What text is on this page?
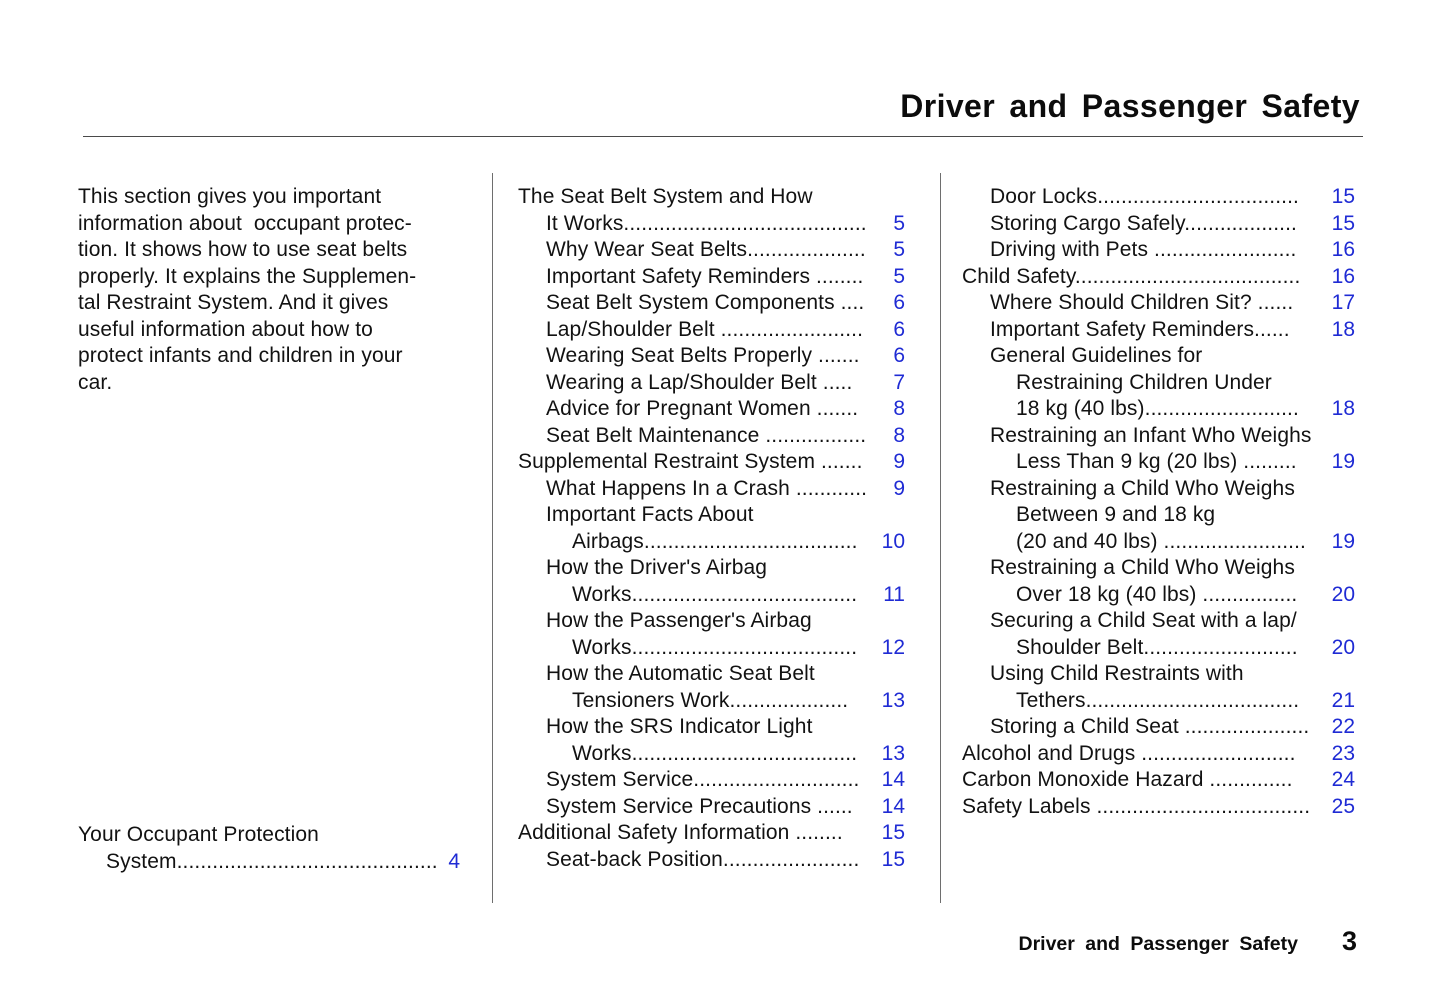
Driver and Passenger Safety

This section gives you important
information about  occupant protec-
tion. It shows how to use seat belts
properly. It explains the Supplemen-
tal Restraint System. And it gives
useful information about how to
protect infants and children in your
car.

Your Occupant Protection
System............................................ 4
The Seat Belt System and How
It Works......................................... 5
Why Wear Seat Belts.................... 5
Important Safety Reminders ........ 5
Seat Belt System Components .... 6
Lap/Shoulder Belt ........................ 6
Wearing Seat Belts Properly ....... 6
Wearing a Lap/Shoulder Belt ..... 7
Advice for Pregnant Women ....... 8
Seat Belt Maintenance ................. 8
Supplemental Restraint System ....... 9
What Happens In a Crash ............ 9
Important Facts About
Airbags.................................... 10
How the Driver's Airbag
Works...................................... 11
How the Passenger's Airbag
Works...................................... 12
How the Automatic Seat Belt
Tensioners Work.................... 13
How the SRS Indicator Light
Works...................................... 13
System Service............................ 14
System Service Precautions ...... 14
Additional Safety Information ........ 15
Seat-back Position....................... 15
Door Locks.................................. 15
Storing Cargo Safely................... 15
Driving with Pets ........................ 16
Child Safety...................................... 16
Where Should Children Sit? ...... 17
Important Safety Reminders...... 18
General Guidelines for
Restraining Children Under
18 kg (40 lbs).......................... 18
Restraining an Infant Who Weighs
Less Than 9 kg (20 lbs) ......... 19
Restraining a Child Who Weighs
Between 9 and 18 kg
(20 and 40 lbs) ........................ 19
Restraining a Child Who Weighs
Over 18 kg (40 lbs) ................ 20
Securing a Child Seat with a lap/
Shoulder Belt.......................... 20
Using Child Restraints with
Tethers.................................... 21
Storing a Child Seat ..................... 22
Alcohol and Drugs .......................... 23
Carbon Monoxide Hazard .............. 24
Safety Labels .................................... 25
Driver and Passenger Safety 3
